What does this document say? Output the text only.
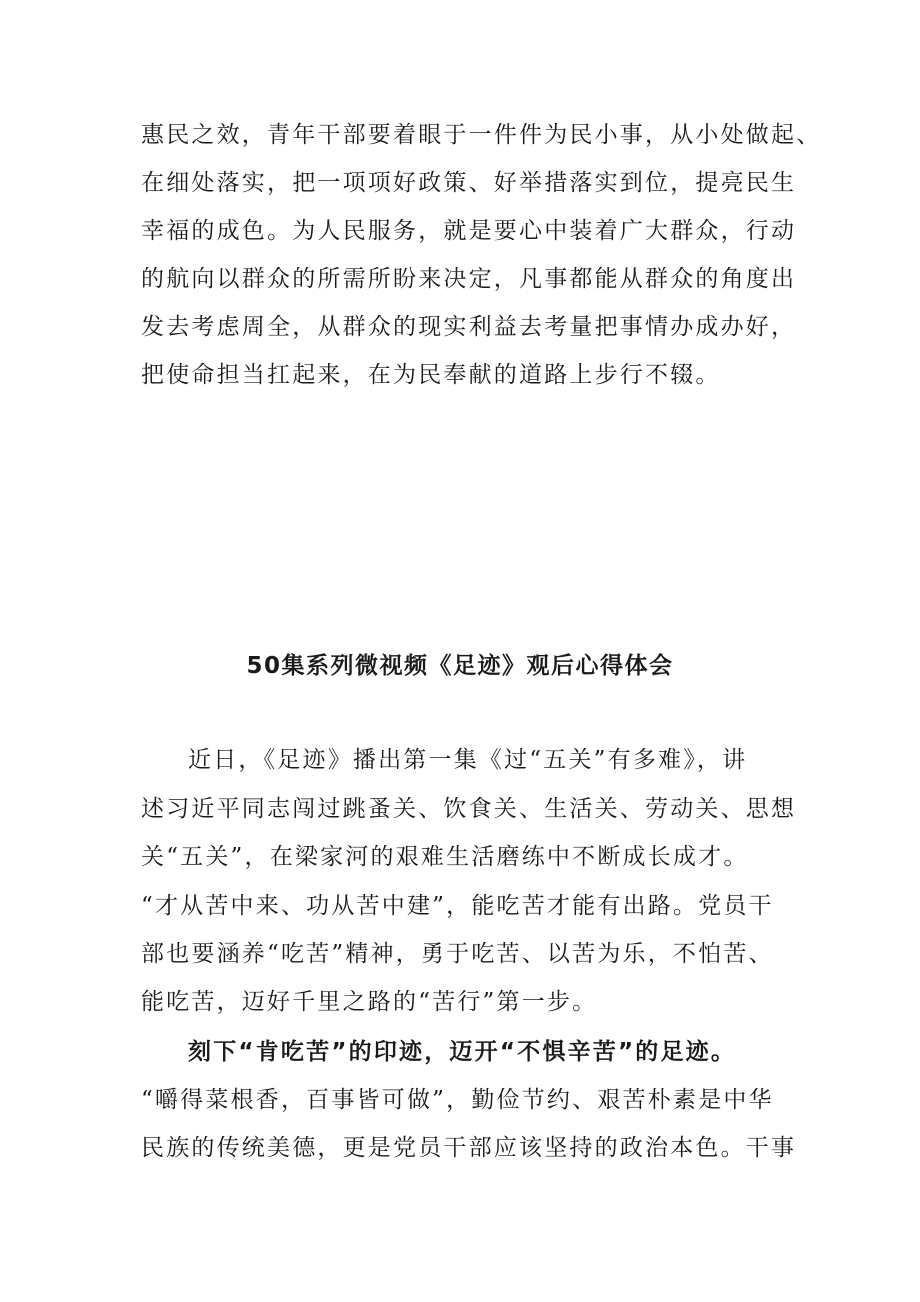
惠民之效，青年干部要着眼于一件件为民小事，从小处做起、
在细处落实，把一项项好政策、好举措落实到位，提亮民生
幸福的成色。为人民服务，就是要心中装着广大群众，行动
的航向以群众的所需所盼来决定，凡事都能从群众的角度出
发去考虑周全，从群众的现实利益去考量把事情办成办好，
把使命担当扛起来，在为民奉献的道路上步行不辍。
50集系列微视频《足迹》观后心得体会
近日，《足迹》播出第一集《过“五关”有多难》，讲
述习近平同志闯过跳蚤关、饮食关、生活关、劳动关、思想
关“五关”，在梁家河的艰难生活磨练中不断成长成才。
“才从苦中来、功从苦中建”，能吃苦才能有出路。党员干
部也要涵养“吃苦”精神，勇于吃苦、以苦为乐，不怕苦、
能吃苦，迈好千里之路的“苦行”第一步。
刻下“肯吃苦”的印迹，迈开“不惧辛苦”的足迹。
“嚼得菜根香，百事皆可做”，勤俭节约、艰苦朴素是中华
民族的传统美德，更是党员干部应该坚持的政治本色。干事
